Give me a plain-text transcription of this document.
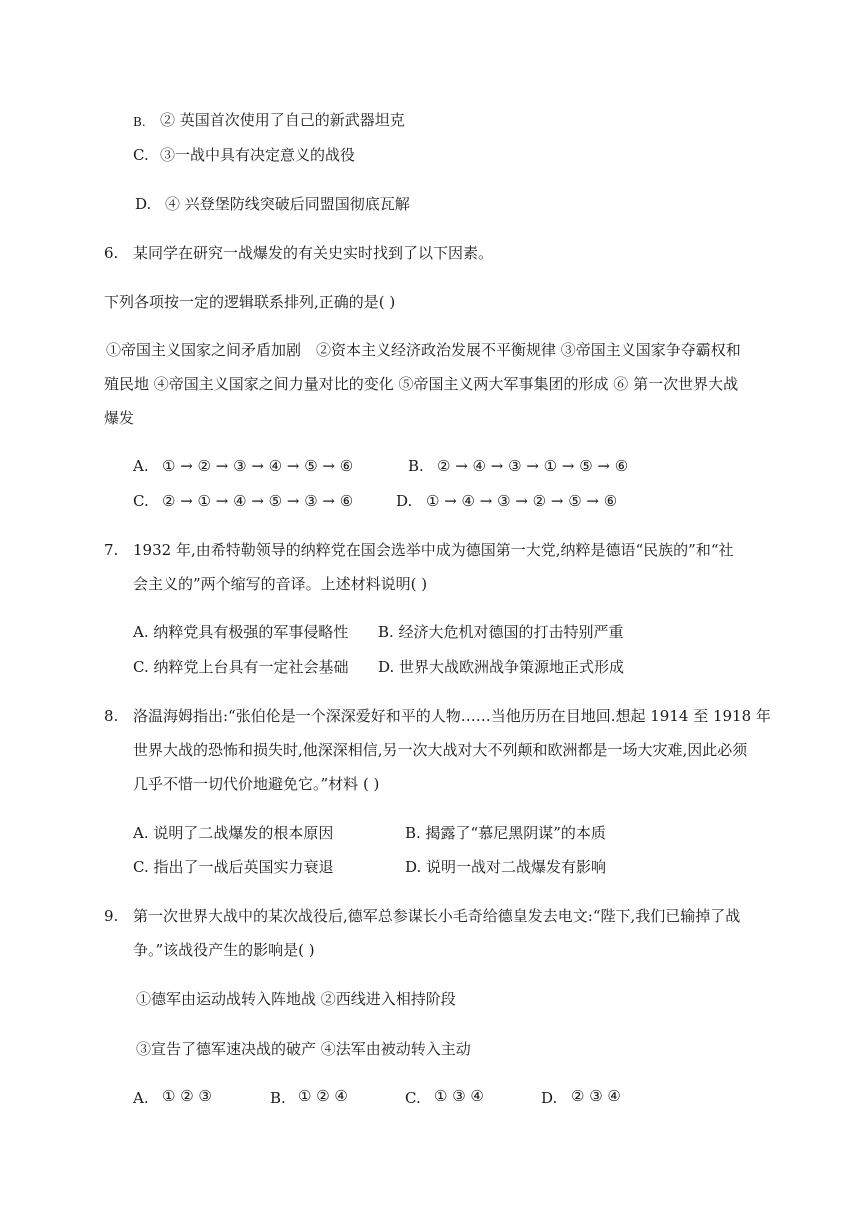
B. ② 英国首次使用了自己的新武器坦克
C. ③一战中具有决定意义的战役
D. ④ 兴登堡防线突破后同盟国彻底瓦解
6. 某同学在研究一战爆发的有关史实时找到了以下因素。
下列各项按一定的逻辑联系排列,正确的是( )
①帝国主义国家之间矛盾加剧　②资本主义经济政治发展不平衡规律 ③帝国主义国家争夺霸权和
殖民地 ④帝国主义国家之间力量对比的变化 ⑤帝国主义两大军事集团的形成 ⑥ 第一次世界大战
爆发
A. ① → ② → ③ → ④ → ⑤ → ⑥	B. ② → ④ → ③ → ① → ⑤ → ⑥
C. ② → ① → ④ → ⑤ → ③ → ⑥	D. ① → ④ → ③ → ② → ⑤ → ⑥
7. 1932 年,由希特勒领导的纳粹党在国会选举中成为德国第一大党,纳粹是德语“民族的”和“社
会主义的”两个缩写的音译。上述材料说明( )
A. 纳粹党具有极强的军事侵略性 B. 经济大危机对德国的打击特别严重
C. 纳粹党上台具有一定社会基础 D. 世界大战欧洲战争策源地正式形成
8. 洛温海姆指出:“张伯伦是一个深深爱好和平的人物……当他历历在目地回.想起 1914 至 1918 年
世界大战的恐怖和损失时,他深深相信,另一次大战对大不列颠和欧洲都是一场大灾难,因此必须
几乎不惜一切代价地避免它。”材料 ( )
A. 说明了二战爆发的根本原因	B. 揭露了“慕尼黑阴谋”的本质
C. 指出了一战后英国实力衰退	D. 说明一战对二战爆发有影响
9. 第一次世界大战中的某次战役后,德军总参谋长小毛奇给德皇发去电文:“陛下,我们已输掉了战
争。”该战役产生的影响是( )
①德军由运动战转入阵地战 ②西线进入相持阶段
③宣告了德军速决战的破产 ④法军由被动转入主动
A. ① ② ③	B. ① ② ④	C. ① ③ ④	D. ② ③ ④
